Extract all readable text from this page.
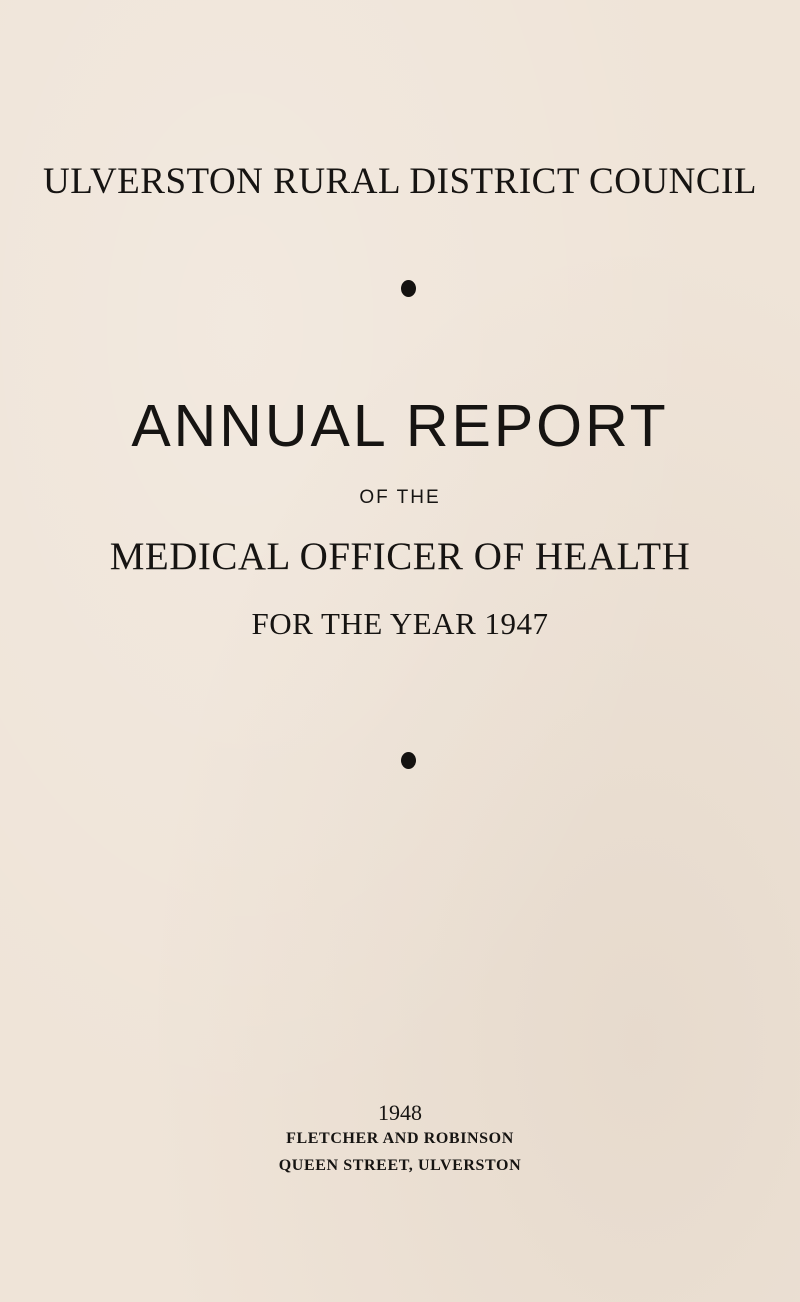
ULVERSTON RURAL DISTRICT COUNCIL
ANNUAL REPORT
OF THE
MEDICAL OFFICER OF HEALTH
FOR THE YEAR 1947
1948
FLETCHER AND ROBINSON
QUEEN STREET, ULVERSTON
